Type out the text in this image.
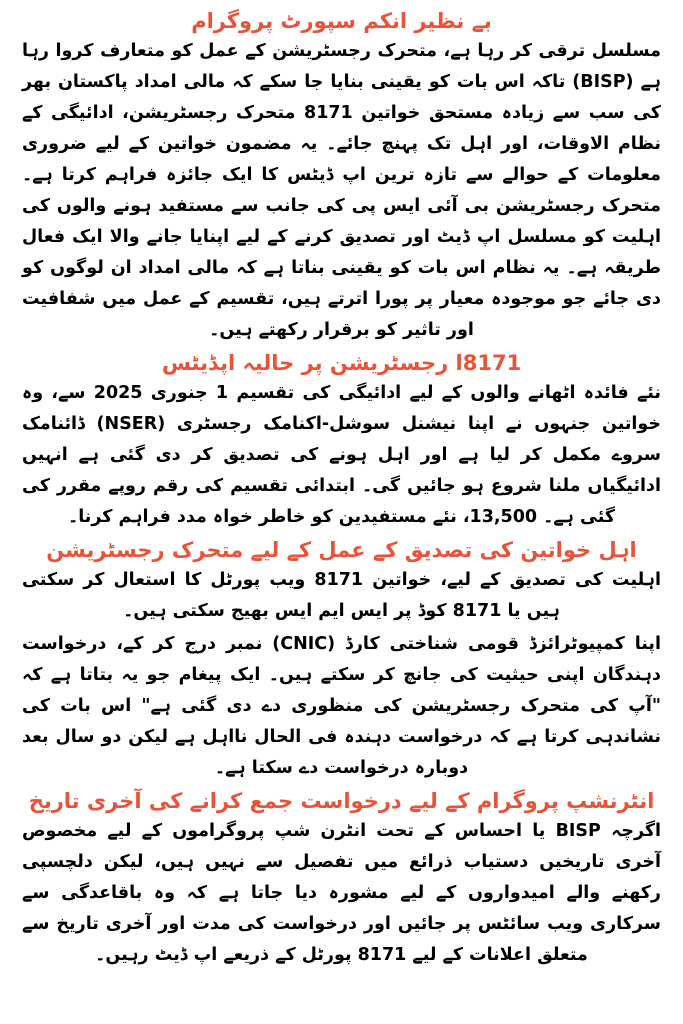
بے نظیر انکم سپورٹ پروگرام

مسلسل ترقی کر رہا ہے، متحرک رجسٹریشن کے عمل کو متعارف کروا رہا ہے (BISP) تاکہ اس بات کو یقینی بنایا جا سکے کہ مالی امداد پاکستان بھر کی سب سے زیادہ مستحق خواتین 8171 متحرک رجسٹریشن، ادائیگی کے نظام الاوقات، اور اہل تک پہنچ جائے۔ یہ مضمون خواتین کے لیے ضروری معلومات کے حوالے سے تازہ ترین اپ ڈیٹس کا ایک جائزہ فراہم کرتا ہے۔ متحرک رجسٹریشن بی آئی ایس پی کی جانب سے مستفید ہونے والوں کی اہلیت کو مسلسل اپ ڈیٹ اور تصدیق کرنے کے لیے اپنایا جانے والا ایک فعال طریقہ ہے۔ یہ نظام اس بات کو یقینی بناتا ہے کہ مالی امداد ان لوگوں کو دی جائے جو موجودہ معیار پر پورا اترتے ہیں، تقسیم کے عمل میں شفافیت اور تاثیر کو برقرار رکھتے ہیں۔

8171ا رجسٹریشن پر حالیہ اپڈیٹس

نئے فائدہ اٹھانے والوں کے لیے ادائیگی کی تقسیم 1 جنوری 2025 سے، وہ خواتین جنہوں نے اپنا نیشنل سوشل-اکنامک رجسٹری (NSER) ڈائنامک سروے مکمل کر لیا ہے اور اہل ہونے کی تصدیق کر دی گئی ہے انہیں ادائیگیاں ملنا شروع ہو جائیں گی۔ ابتدائی تقسیم کی رقم روپے مقرر کی گئی ہے۔ 13,500، نئے مستفیدین کو خاطر خواہ مدد فراہم کرنا۔

اہل خواتین کی تصدیق کے عمل کے لیے متحرک رجسٹریشن

اہلیت کی تصدیق کے لیے، خواتین 8171 ویب پورٹل کا استعال کر سکتی ہیں یا 8171 کوڈ پر ایس ایم ایس بھیج سکتی ہیں۔

اپنا کمپیوٹرائزڈ قومی شناختی کارڈ (CNIC) نمبر درج کر کے، درخواست دہندگان اپنی حیثیت کی جانچ کر سکتے ہیں۔ ایک پیغام جو یہ بتاتا ہے کہ "آپ کی متحرک رجسٹریشن کی منظوری دے دی گئی ہے" اس بات کی نشاندہی کرتا ہے کہ درخواست دہندہ فی الحال نااہل ہے لیکن دو سال بعد دوبارہ درخواست دے سکتا ہے۔

انٹرنشپ پروگرام کے لیے درخواست جمع کرانے کی آخری تاریخ

اگرچہ BISP یا احساس کے تحت انٹرن شپ پروگراموں کے لیے مخصوص آخری تاریخیں دستیاب ذرائع میں تفصیل سے نہیں ہیں، لیکن دلچسپی رکھنے والے امیدواروں کے لیے مشورہ دیا جاتا ہے کہ وہ باقاعدگی سے سرکاری ویب سائٹس پر جائیں اور درخواست کی مدت اور آخری تاریخ سے متعلق اعلانات کے لیے 8171 پورٹل کے ذریعے اپ ڈیٹ رہیں۔
